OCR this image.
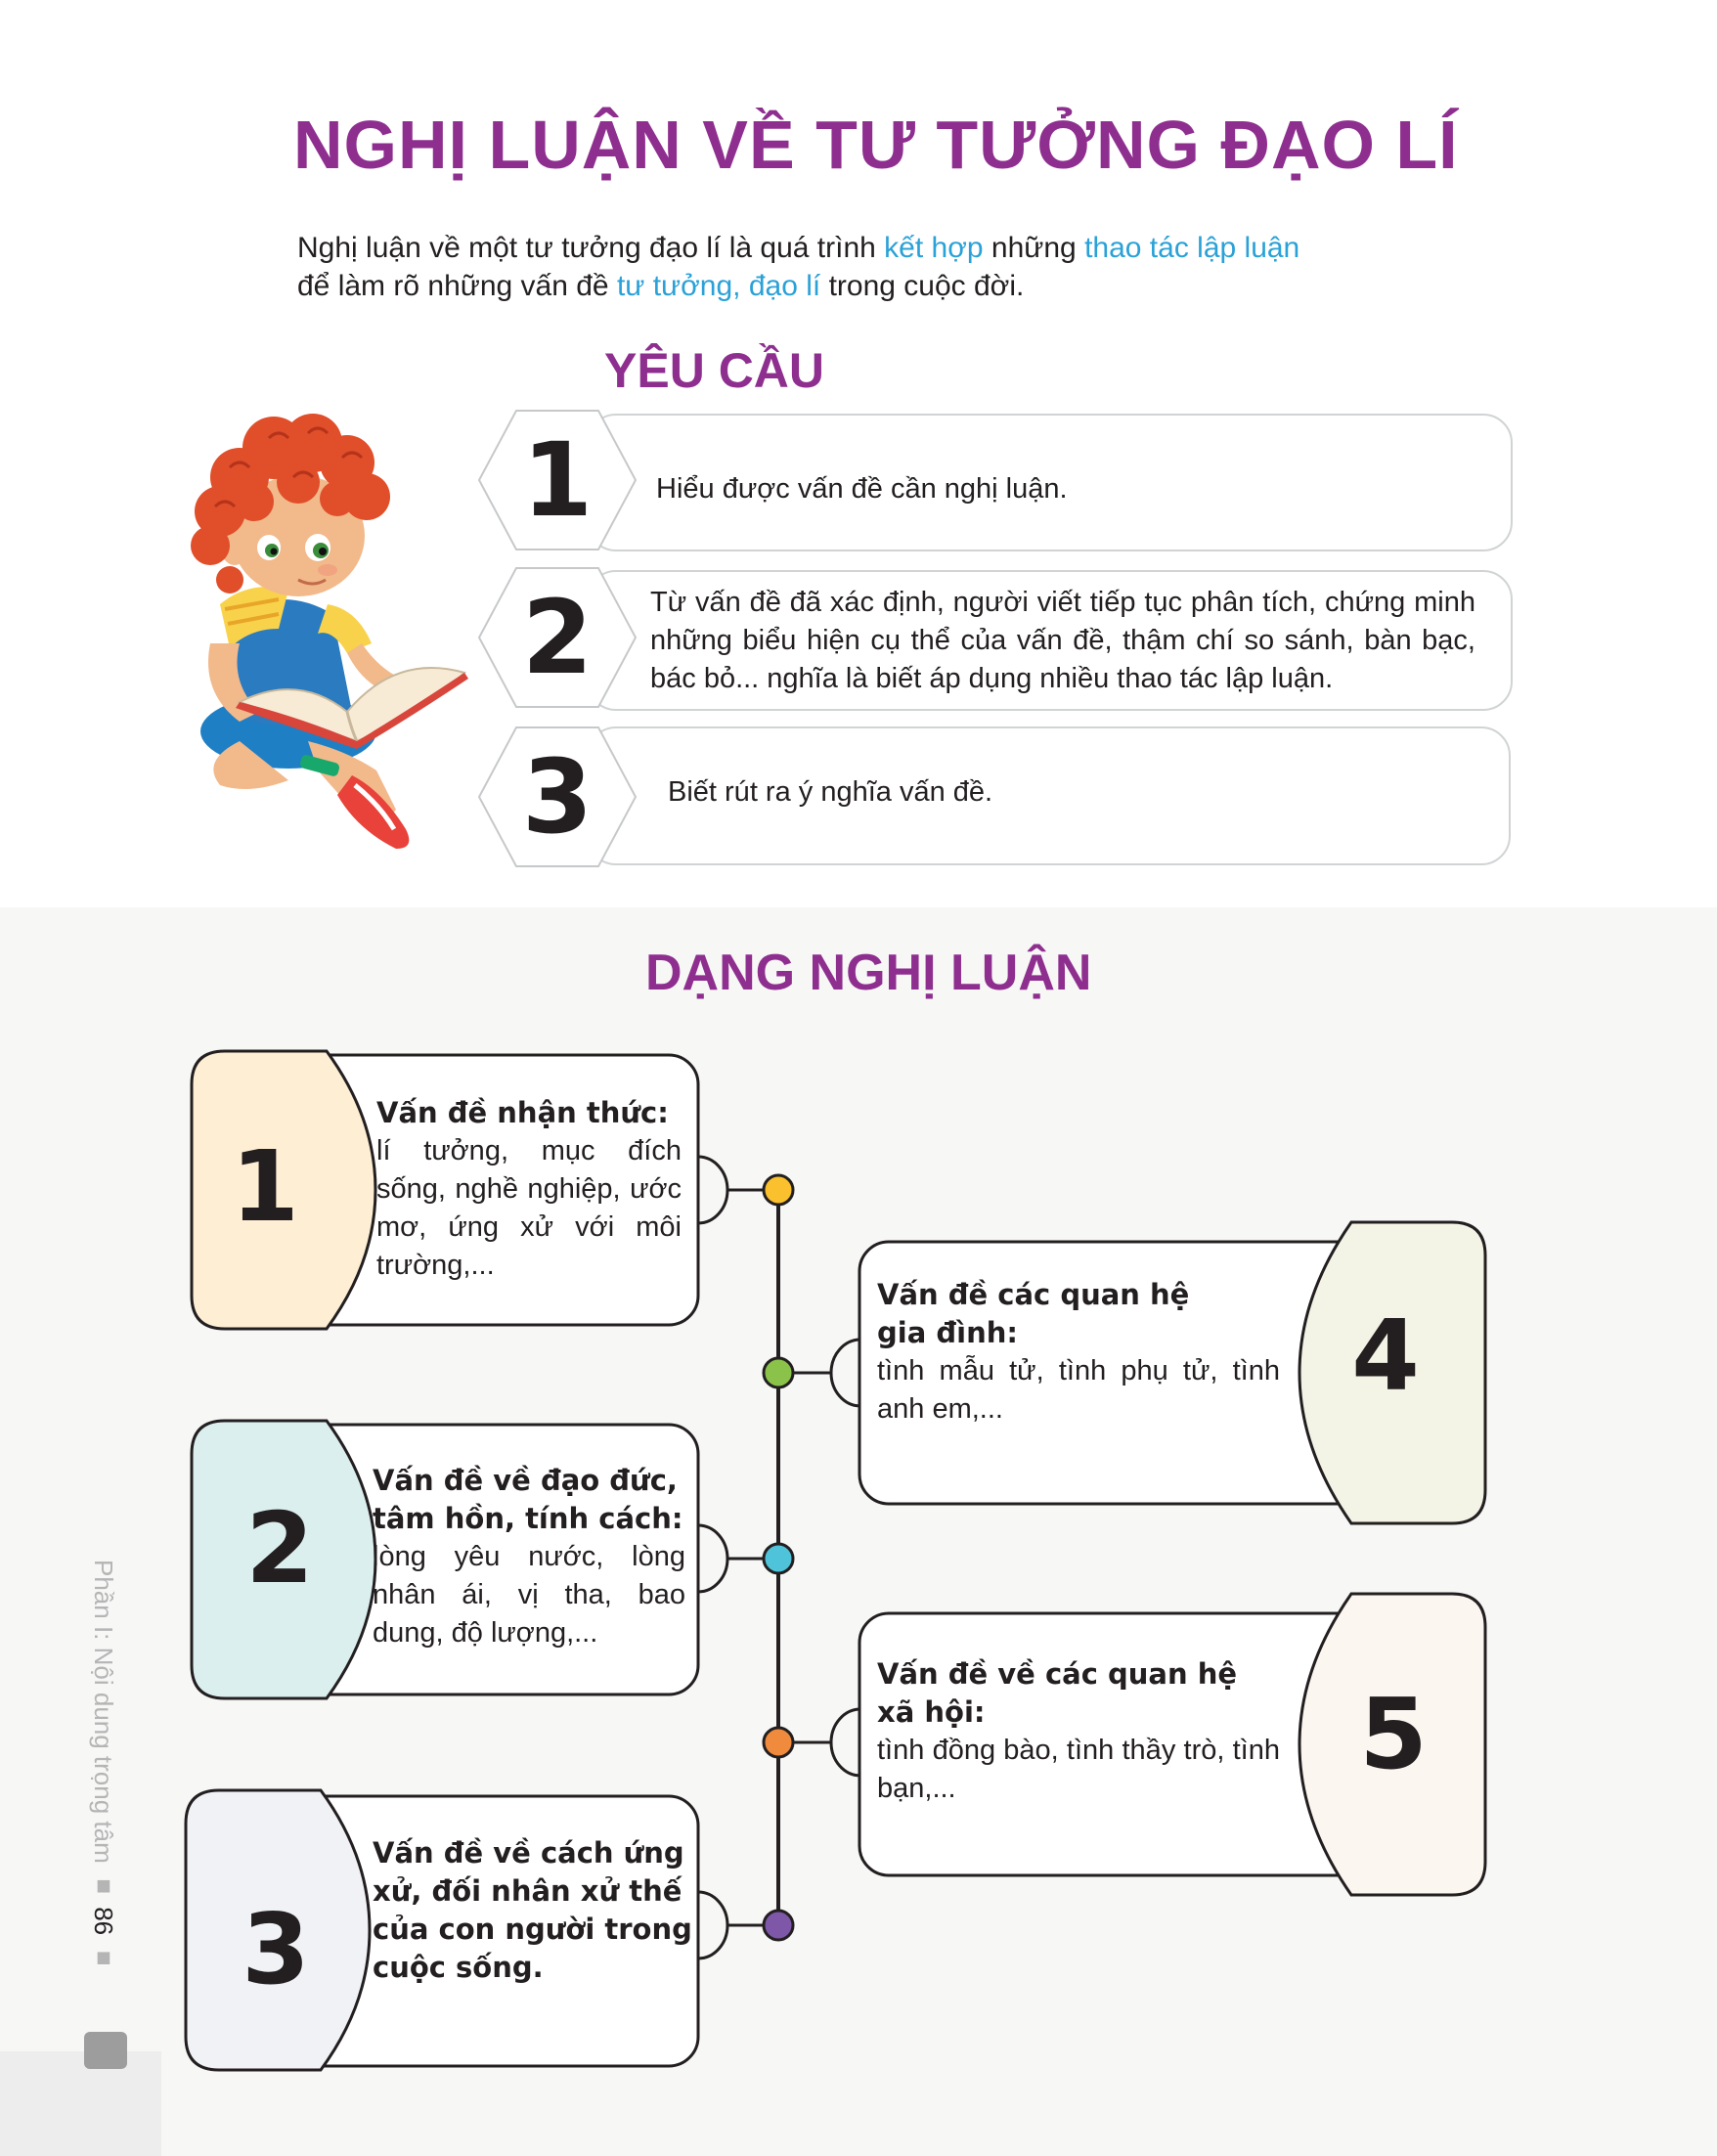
NGHỊ LUẬN VỀ TƯ TƯỞNG ĐẠO LÍ
Nghị luận về một tư tưởng đạo lí là quá trình kết hợp những thao tác lập luận
để làm rõ những vấn đề tư tưởng, đạo lí trong cuộc đời.
YÊU CẦU
1	Hiểu được vấn đề cần nghị luận.
2	Từ vấn đề đã xác định, người viết tiếp tục phân tích, chứng minh những biểu hiện cụ thể của vấn đề, thậm chí so sánh, bàn bạc, bác bỏ... nghĩa là biết áp dụng nhiều thao tác lập luận.
3	Biết rút ra ý nghĩa vấn đề.
DẠNG NGHỊ LUẬN
1
Vấn đề nhận thức:
lí tưởng, mục đích sống, nghề nghiệp, ước mơ, ứng xử với môi trường,...
2
Vấn đề về đạo đức, tâm hồn, tính cách:
lòng yêu nước, lòng nhân ái, vị tha, bao dung, độ lượng,...
3
Vấn đề về cách ứng xử, đối nhân xử thế của con người trong cuộc sống.
4
Vấn đề các quan hệ
gia đình:
tình mẫu tử, tình phụ tử, tình anh em,...
5
Vấn đề về các quan hệ
xã hội:
tình đồng bào, tình thầy trò, tình bạn,...
Phần I: Nội dung trọng tâm ■ 86 ■
